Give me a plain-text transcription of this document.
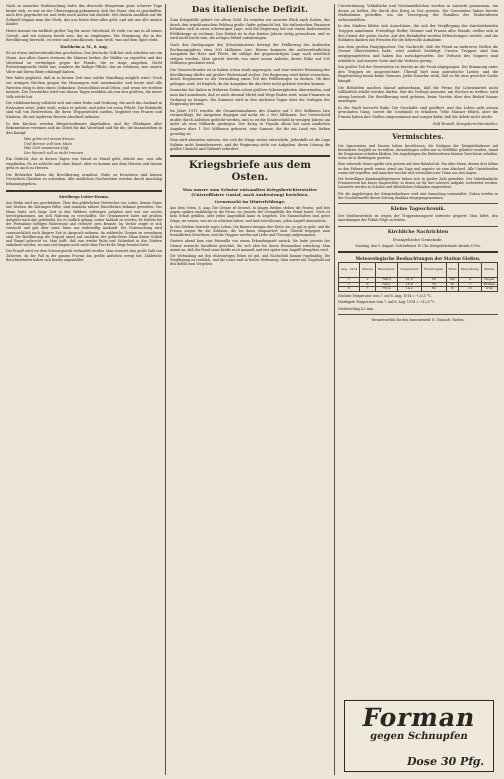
Nach so mancher Enttäuschung hatte das deutsche Bürgertum ganz schwere Tage hinter sich; es war zu der Überzeugung gekommen, daß der Staat, den es geschaffen, auch fest gegründet sei und stolz nach außen hin dasteht. Mit diesem Ausblick auf die Zukunft begann man das Werk, das uns heute über alles geht, und mit uns alle unsere Kinder.

Heute kommt ein wirklich großer Tag für unser Vaterland. Er steht vor uns in all seiner Gewalt, und wir müssen bereit sein, ihn zu empfangen. Die Stimmung, die in der Bevölkerung herrscht, ist ernst und entschlossen; man weiß, was auf dem Spiel steht.

Hochheim a. M., 8. Aug.

Es ist etwas Außerordentliches geschehen. Das deutsche Volk hat sich erhoben wie ein Mann. Aus allen Gauen strömen die Männer herbei, die Waffen zu ergreifen und das Vaterland zu verteidigen gegen die Feinde, die es rings umgeben. Nicht Eroberungssucht treibt uns, sondern die heilige Pflicht, das zu schützen, was unsere Väter mit ihrem Blute erkämpft haben.

Wer hätte geglaubt, daß in so kurzer Zeit eine solche Wandlung möglich wäre! Noch vor wenigen Wochen gingen die Meinungen weit auseinander, und heute sind alle Parteien einig in dem einen Gedanken: Deutschland muß leben, und wenn wir sterben müssen. Die Geschichte wird von diesen Tagen erzählen als von den größten, die unser Volk erlebt hat.

Die Mobilmachung vollzieht sich mit einer Ruhe und Ordnung, die auch das Ausland in Erstaunen setzt. Jeder weiß, wohin er gehört, und jeder tut seine Pflicht. Die Bahnhöfe sind voll von Reservisten, die ihren Truppenteilen zueilen, begleitet von Frauen und Kindern, die mit tapferem Herzen Abschied nehmen.

In den Kirchen werden Bittgottesdienste abgehalten, und die Gläubigen aller Bekenntnisse vereinen sich im Gebet für das Vaterland und für die, die hinausziehen in den Kampf.

Was gehst mit einem Kreuze
Und Herzen voll vom Mute
Was Gott zusammen fügt
Der Mensch soll es nicht trennen.

Ein Gedicht, das in diesen Tagen von Mund zu Mund geht, drückt aus, was alle empfinden. Es ist schlicht und ohne Kunst, aber es kommt aus dem Herzen und darum geht es auch zu Herzen.

Die Behörden haben die Bevölkerung ermahnt, Ruhe zu bewahren und keinen Gerüchten Glauben zu schenken. Alle amtlichen Nachrichten werden durch Anschlag bekanntgegeben.

Streibergs Lutter-Drama.

Aus Berlin wird uns geschrieben: Über den gefährlichen Verbrecher von Lutter, dessen Name seit Wochen die Zeitungen füllte, sind nunmehr nähere Einzelheiten bekannt geworden. Der Mann hatte sich lange Zeit in den Wäldern verborgen gehalten und war nur nachts hervorgekommen, um sich Nahrung zu verschaffen. Die Gendarmerie hatte mit großem Aufgebot nach ihm gefahndet, bis es endlich gelang, seiner habhaft zu werden. Er leistete bei der Festnahme heftigen Widerstand und verletzte zwei Beamte. Im Verhör zeigte er sich verstockt und gab über seine Taten nur widerwillig Auskunft. Die Untersuchung wird voraussichtlich noch längere Zeit in Anspruch nehmen, da zahlreiche Zeugen zu vernehmen sind. Die Bevölkerung der Gegend atmet auf, nachdem der gefürchtete Mann hinter Schloß und Riegel gebracht ist. Man hofft, daß nun wieder Ruhe und Sicherheit in den Dörfern einkehren werden, wo man seit langem nicht mehr ohne Furcht die Wege benutzt hatte.

Der Prozeß wird vor dem Schwurgericht verhandelt werden. Man erwartet eine große Zahl von Zuhörern, da der Fall in der ganzen Provinz das größte Aufsehen erregt hat. Zahlreiche Berichterstatter haben sich bereits angemeldet.

Das italienische Defizit.

Zum Kriegsfalle gehört vor allem Geld. Da wenden wir unseren Blick nach Italien, das durch den tripolitanischen Feldzug große Opfer gebracht hat. Die italienischen Finanzen befinden sich in einer schwierigen Lage, und die Regierung hat mit einem bedeutenden Fehlbetrage zu rechnen. Das Defizit ist in den letzten Jahren stetig gewachsen, und es wird nicht leicht sein, die nötigen Mittel aufzubringen.

Nach den Darlegungen des Schatzministers beträgt der Fehlbetrag des laufenden Rechnungsjahres etwa 300 Millionen Lire. Hierzu kommen die außerordentlichen Ausgaben für Heer und Flotte, die infolge der gegenwärtigen Lage noch erheblich steigen werden. Man spricht bereits von einer neuen Anleihe, deren Höhe auf 500 Millionen geschätzt wird.

Die Steuerschraube ist in Italien schon stark angezogen, und eine weitere Belastung der Bevölkerung dürfte auf großen Widerstand stoßen. Die Regierung wird daher versuchen, durch Ersparnisse in der Verwaltung einen Teil des Fehlbetrages zu decken. Ob dies gelingen wird, ist fraglich, da die Ausgaben für das Heer nicht gekürzt werden können.

Immerhin hat Italien in früheren Zeiten schon größere Schwierigkeiten überwunden, und man darf annehmen, daß es auch diesmal Mittel und Wege finden wird, seine Finanzen in Ordnung zu bringen. Die Kammer wird in den nächsten Tagen über die Vorlagen der Regierung beraten.

Im Jahre 1911 wurden die Gesamteinnahmen des Staates auf 2 600 Millionen Lire veranschlagt, die Ausgaben dagegen auf mehr als 2 900 Millionen. Der Unterschied mußte durch Anleihen gedeckt werden, und so ist die Staatsschuld in wenigen Jahren um mehr als eine Milliarde gestiegen. Der Krieg in Tripolis allein hat nach amtlichen Angaben über 1 100 Millionen gekostet, eine Summe, die für ein Land wie Italien gewaltig ist.

Man wird abwarten müssen, wie sich die Dinge weiter entwickeln. Jedenfalls ist die Lage Italiens nicht beneidenswert, und die Regierung steht vor Aufgaben, deren Lösung die größte Umsicht und Tatkraft erfordert.

Kriegsbriefe aus dem Osten.
Was unsere zum Schutze entsandten Kriegsberichterstatter (Unteroffiziere Gustaf, nach Ausbeutung) berichten.
Grenzwacht im Winterfeldzuge.

Aus dem Osten, 8. Aug. Die Grenze ist besetzt. In langen Reihen stehen die Posten, und ihre Augen spähen unablässig in die Ferne, wo jenseits der Grenzpfähle der Feind lauert. Noch ist kein Schuß gefallen, aber jeden Augenblick kann es losgehen. Die Mannschaften sind guter Dinge; sie wissen, was sie zu schützen haben, und sind entschlossen, jeden Angriff abzuwehren.

In den Dörfern herrscht reges Leben. Die Bauern bringen ihre Ernte ein, so gut es geht, und die Frauen sorgen für die Soldaten, die bei ihnen einquartiert sind. Überall begegnet man freundlichen Gesichtern, und die Truppen werden mit Liebe und Fürsorge aufgenommen.

Gestern abend kam eine Patrouille von einem Erkundungsritt zurück. Sie hatte jenseits der Grenze russische Kavallerie gesichtet, die sich aber bei ihrem Herannahen zurückzog. Man nimmt an, daß der Feind seine Kräfte noch sammelt und erst später zum Angriff übergehen wird.

Die Verbindung mit den rückwärtigen Teilen ist gut, und Nachschub kommt regelmäßig. Die Verpflegung ist reichlich, und die Leute sind in bester Verfassung. Man wartet mit Ungeduld auf den Befehl zum Vorgehen.

Unterstützung, Volksküche und Notstandsküchen werden in Aussicht genommen, um denen zu helfen, die durch den Krieg in Not geraten. Die Gemeinden haben bereits Maßnahmen getroffen, um die Versorgung der Familien der Einberufenen sicherzustellen.

In den Städten bilden sich Ausschüsse, die sich der Verpflegung der durchziehenden Truppen annehmen. Freiwillige Helfer, Männer und Frauen aller Stände, stellen sich in den Dienst der guten Sache. Auf den Bahnhöfen werden Erfrischungen verteilt, und die Soldaten danken mit Freuden für die liebevolle Aufnahme.

Aus dem großen Hauptquartier: Die Nachricht, daß der Feind an mehreren Stellen die Grenze überschritten habe, wird amtlich bestätigt. Unsere Truppen sind ihm entgegengetreten und haben ihn zurückgeworfen. Die Verluste des Gegners sind erheblich. Auf unserer Seite sind die Verluste gering.

Ein großer Teil der Reservisten ist bereits an die Front abgegangen. Die Stimmung unter den Truppen ist ausgezeichnet. Überall hört man patriotische Lieder, und die Begeisterung kennt keine Grenzen. Jeder Einzelne weiß, daß er für eine gerechte Sache kämpft.

Die Behörden machen darauf aufmerksam, daß die Preise für Lebensmittel nicht willkürlich erhöht werden dürfen. Wer die Notlage ausnutzt, um Wucher zu treiben, wird streng bestraft. Die Bevölkerung wird gebeten, keine Vorräte über den Bedarf hinaus anzulegen.

In der Stadt herrscht Ruhe. Die Geschäfte sind geöffnet, und das Leben geht seinen gewohnten Gang, soweit die Umstände es erlauben. Viele Männer fehlen, aber die Frauen haben ihre Stellen eingenommen und sorgen dafür, daß die Arbeit nicht stockt.

Rolf Brandt, Kriegsberichterstatter.
Vermischtes.

Die Sparvereine und Kassen haben beschlossen, die Einlagen der Kriegsteilnehmer mit besonderer Sorgfalt zu verwalten. Auszahlungen sollen nur in Notfällen geleistet werden, damit die Ersparnisse erhalten bleiben. Die Angehörigen der Einberufenen können Vorschüsse erhalten, wenn sie in Bedrängnis geraten.

Eine rührende Szene spielte sich gestern auf dem Bahnhof ab. Ein alter Mann, dessen drei Söhne zu den Fahnen geeilt waren, stand am Zuge und segnete sie zum Abschied. Alle Umstehenden waren tief ergriffen, und mancher wischte sich verstohlen eine Träne aus den Augen.

Die freiwilligen Krankenpflegerinnen haben sich in großer Zahl gemeldet. Der Vaterländische Frauenverein hat Kurse eingerichtet, in denen sie für ihre schwere Aufgabe vorbereitet werden. Lazarette werden in Schulen und öffentlichen Gebäuden eingerichtet.

Für die Angehörigen der Kriegsteilnehmer wird eine Sammlung veranstaltet. Gaben werden in der Geschäftsstelle dieser Zeitung dankbar entgegengenommen.

Kleine Tageschronik.

Der Straßenverkehr ist wegen der Truppentransporte zeitweise gesperrt. Man bittet, den Anordnungen der Polizei Folge zu leisten.

Kirchliche Nachrichten
Evangelische Gemeinde.

Sonntag, den 9. August: Gottesdienst 10 Uhr. Kriegsbetstunde abends 8 Uhr.

Meteorologische Beobachtungen der Station Gießen.
Aug. 1914	Stunde	Barometer	Temperatur	Feuchtigkeit	Wind	Bewölkung	Wetter
7.	2	748,3	21,6	58	SW	4	Regen
7.	9	749,1	16,8	76	W	7	Wolken
8.	7	750,4	14,2	82	W	10	trüb

Höchste Temperatur vom 7. auf 8. Aug. 1914 = +23,1 °C.

Niedrigste Temperatur vom 7. auf 8. Aug. 1914 = +12,6 °C.

Niederschlag 4,2 mm.

Verantwortlich für den Inseratenteil: E. Trausolt, Gießen.

Forman
gegen Schnupfen
Dose 30 Pfg.
